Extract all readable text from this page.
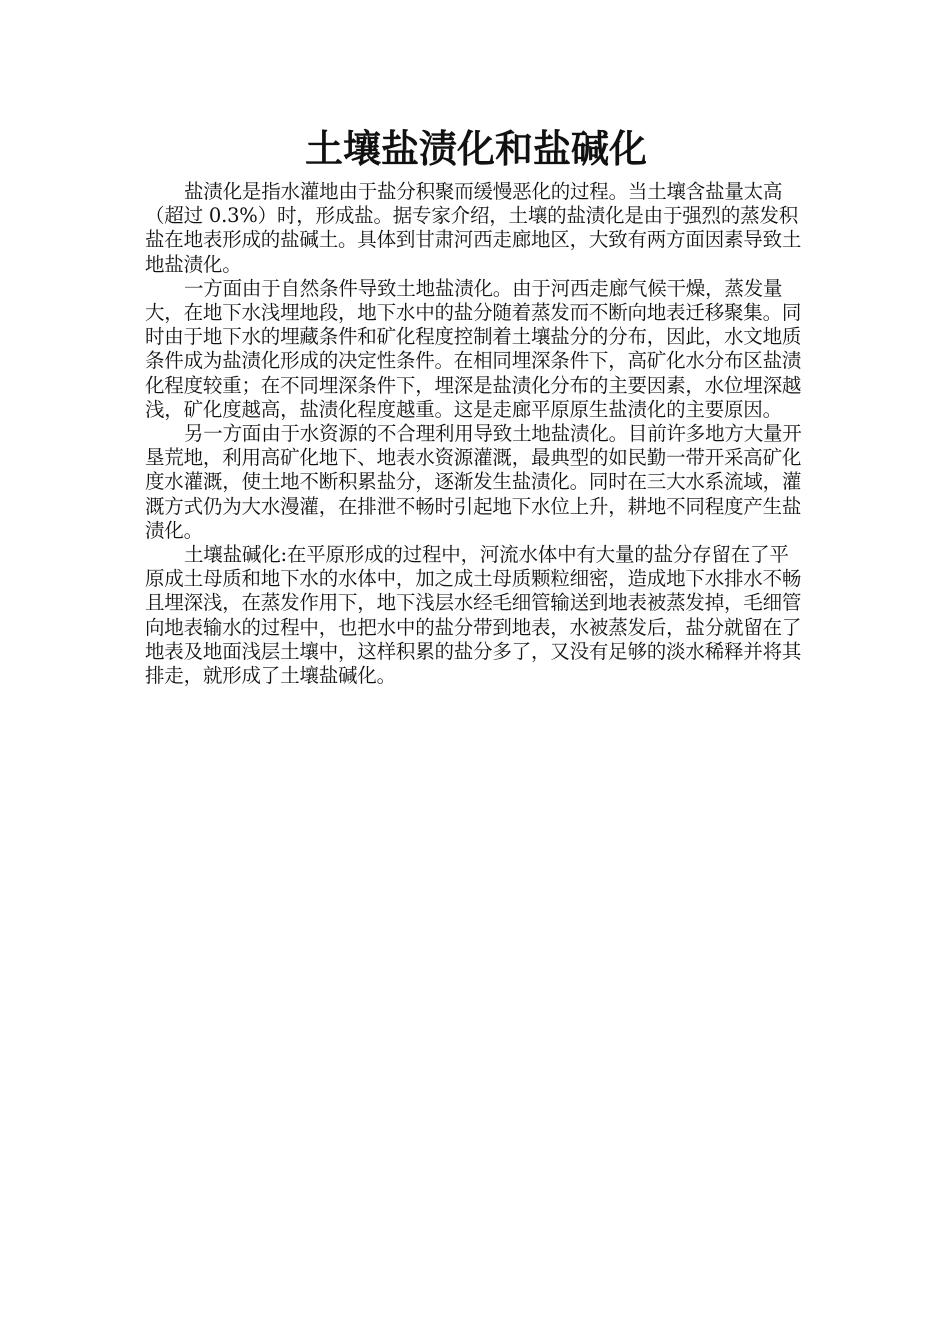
土壤盐渍化和盐碱化

盐渍化是指水灌地由于盐分积聚而缓慢恶化的过程。当土壤含盐量太高（超过 0.3%）时，形成盐。据专家介绍，土壤的盐渍化是由于强烈的蒸发积盐在地表形成的盐碱土。具体到甘肃河西走廊地区，大致有两方面因素导致土地盐渍化。

一方面由于自然条件导致土地盐渍化。由于河西走廊气候干燥，蒸发量大，在地下水浅埋地段，地下水中的盐分随着蒸发而不断向地表迁移聚集。同时由于地下水的埋藏条件和矿化程度控制着土壤盐分的分布，因此，水文地质条件成为盐渍化形成的决定性条件。在相同埋深条件下，高矿化水分布区盐渍化程度较重；在不同埋深条件下，埋深是盐渍化分布的主要因素，水位埋深越浅，矿化度越高，盐渍化程度越重。这是走廊平原原生盐渍化的主要原因。

另一方面由于水资源的不合理利用导致土地盐渍化。目前许多地方大量开垦荒地，利用高矿化地下、地表水资源灌溉，最典型的如民勤一带开采高矿化度水灌溉，使土地不断积累盐分，逐渐发生盐渍化。同时在三大水系流域，灌溉方式仍为大水漫灌，在排泄不畅时引起地下水位上升，耕地不同程度产生盐渍化。

土壤盐碱化:在平原形成的过程中，河流水体中有大量的盐分存留在了平原成土母质和地下水的水体中，加之成土母质颗粒细密，造成地下水排水不畅且埋深浅，在蒸发作用下，地下浅层水经毛细管输送到地表被蒸发掉，毛细管向地表输水的过程中，也把水中的盐分带到地表，水被蒸发后，盐分就留在了地表及地面浅层土壤中，这样积累的盐分多了，又没有足够的淡水稀释并将其排走，就形成了土壤盐碱化。
